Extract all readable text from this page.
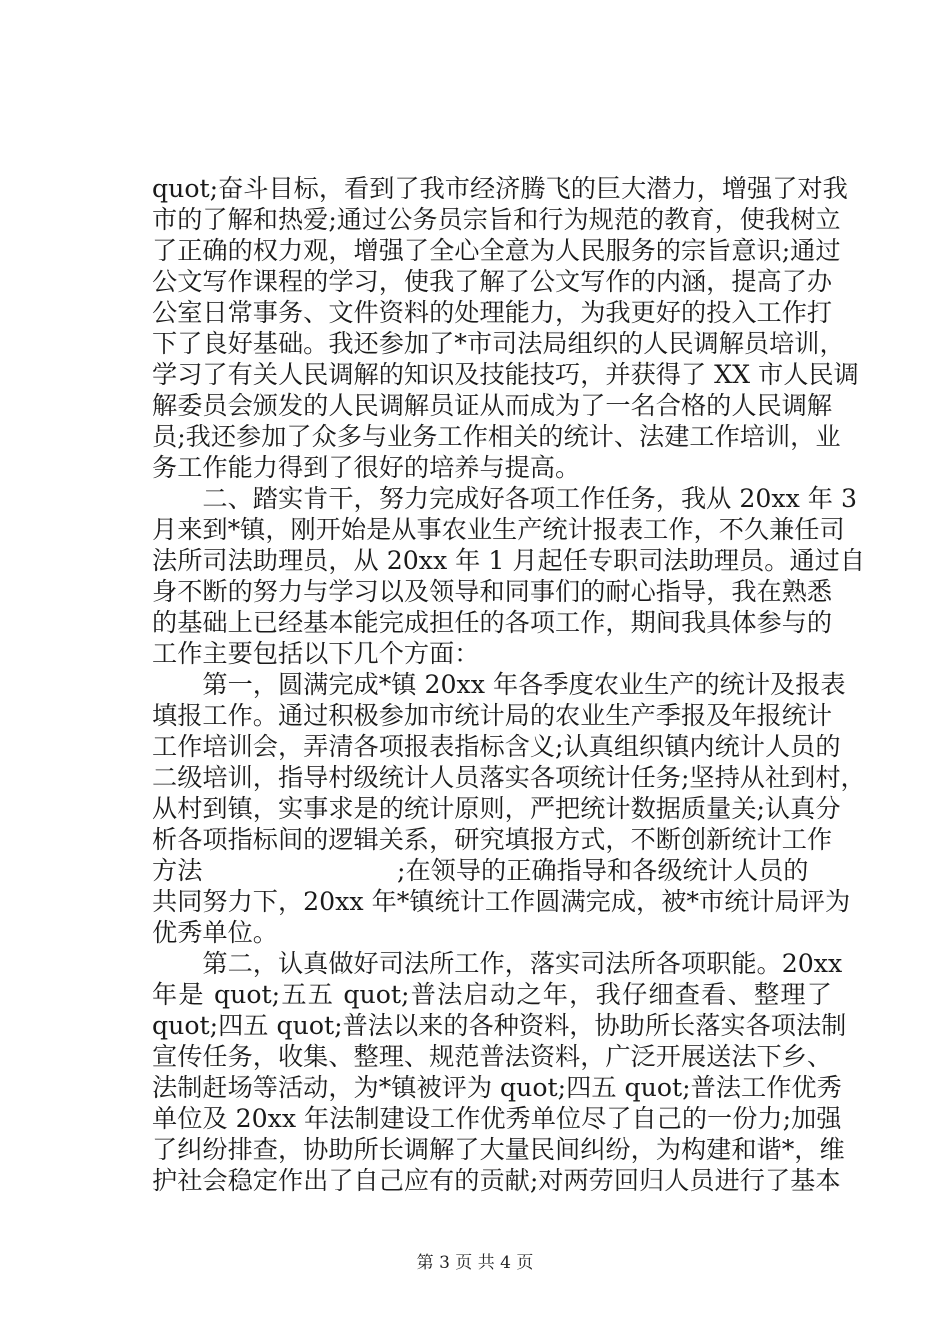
quot;奋斗目标，看到了我市经济腾飞的巨大潜力，增强了对我
市的了解和热爱;通过公务员宗旨和行为规范的教育，使我树立
了正确的权力观，增强了全心全意为人民服务的宗旨意识;通过
公文写作课程的学习，使我了解了公文写作的内涵，提高了办
公室日常事务、文件资料的处理能力，为我更好的投入工作打
下了良好基础。我还参加了*市司法局组织的人民调解员培训，
学习了有关人民调解的知识及技能技巧，并获得了 XX 市人民调
解委员会颁发的人民调解员证从而成为了一名合格的人民调解
员;我还参加了众多与业务工作相关的统计、法建工作培训，业
务工作能力得到了很好的培养与提高。
　　二、踏实肯干，努力完成好各项工作任务，我从 20xx 年 3
月来到*镇，刚开始是从事农业生产统计报表工作，不久兼任司
法所司法助理员，从 20xx 年 1 月起任专职司法助理员。通过自
身不断的努力与学习以及领导和同事们的耐心指导，我在熟悉
的基础上已经基本能完成担任的各项工作，期间我具体参与的
工作主要包括以下几个方面：
　　第一，圆满完成*镇 20xx 年各季度农业生产的统计及报表
填报工作。通过积极参加市统计局的农业生产季报及年报统计
工作培训会，弄清各项报表指标含义;认真组织镇内统计人员的
二级培训，指导村级统计人员落实各项统计任务;坚持从社到村，
从村到镇，实事求是的统计原则，严把统计数据质量关;认真分
析各项指标间的逻辑关系，研究填报方式，不断创新统计工作
方法	;在领导的正确指导和各级统计人员的
共同努力下，20xx 年*镇统计工作圆满完成，被*市统计局评为
优秀单位。
　　第二，认真做好司法所工作，落实司法所各项职能。20xx
年是 quot;五五 quot;普法启动之年，我仔细查看、整理了
quot;四五 quot;普法以来的各种资料，协助所长落实各项法制
宣传任务，收集、整理、规范普法资料，广泛开展送法下乡、
法制赶场等活动，为*镇被评为 quot;四五 quot;普法工作优秀
单位及 20xx 年法制建设工作优秀单位尽了自己的一份力;加强
了纠纷排查，协助所长调解了大量民间纠纷，为构建和谐*，维
护社会稳定作出了自己应有的贡献;对两劳回归人员进行了基本
第 3 页 共 4 页
